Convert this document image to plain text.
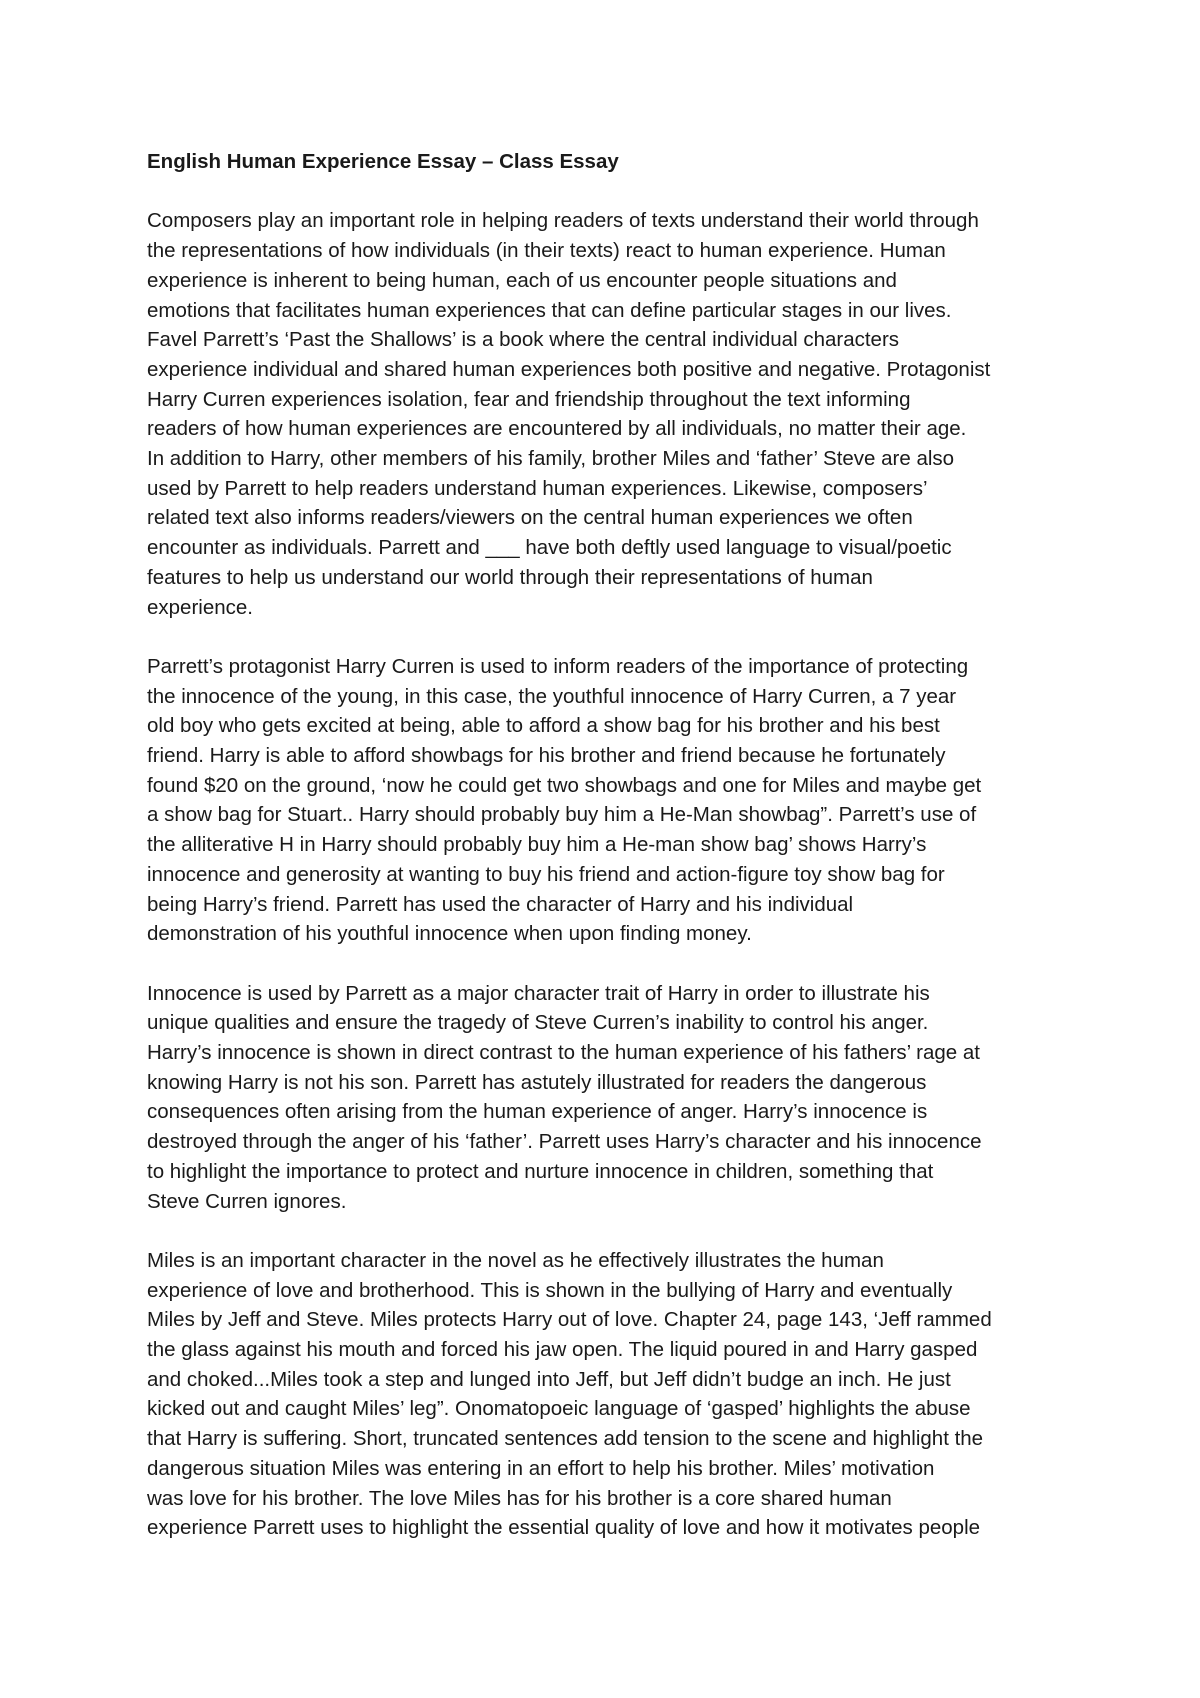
English Human Experience Essay – Class Essay
Composers play an important role in helping readers of texts understand their world through
the representations of how individuals (in their texts) react to human experience. Human
experience is inherent to being human, each of us encounter people situations and
emotions that facilitates human experiences that can define particular stages in our lives.
Favel Parrett’s ‘Past the Shallows’ is a book where the central individual characters
experience individual and shared human experiences both positive and negative. Protagonist
Harry Curren experiences isolation, fear and friendship throughout the text informing
readers of how human experiences are encountered by all individuals, no matter their age.
In addition to Harry, other members of his family, brother Miles and ‘father’ Steve are also
used by Parrett to help readers understand human experiences. Likewise, composers’
related text also informs readers/viewers on the central human experiences we often
encounter as individuals. Parrett and ___ have both deftly used language to visual/poetic
features to help us understand our world through their representations of human
experience.
Parrett’s protagonist Harry Curren is used to inform readers of the importance of protecting
the innocence of the young, in this case, the youthful innocence of Harry Curren, a 7 year
old boy who gets excited at being, able to afford a show bag for his brother and his best
friend. Harry is able to afford showbags for his brother and friend because he fortunately
found $20 on the ground, ‘now he could get two showbags and one for Miles and maybe get
a show bag for Stuart.. Harry should probably buy him a He-Man showbag”. Parrett’s use of
the alliterative H in Harry should probably buy him a He-man show bag’ shows Harry’s
innocence and generosity at wanting to buy his friend and action-figure toy show bag for
being Harry’s friend. Parrett has used the character of Harry and his individual
demonstration of his youthful innocence when upon finding money.
Innocence is used by Parrett as a major character trait of Harry in order to illustrate his
unique qualities and ensure the tragedy of Steve Curren’s inability to control his anger.
Harry’s innocence is shown in direct contrast to the human experience of his fathers’ rage at
knowing Harry is not his son. Parrett has astutely illustrated for readers the dangerous
consequences often arising from the human experience of anger. Harry’s innocence is
destroyed through the anger of his ‘father’. Parrett uses Harry’s character and his innocence
to highlight the importance to protect and nurture innocence in children, something that
Steve Curren ignores.
Miles is an important character in the novel as he effectively illustrates the human
experience of love and brotherhood. This is shown in the bullying of Harry and eventually
Miles by Jeff and Steve. Miles protects Harry out of love. Chapter 24, page 143, ‘Jeff rammed
the glass against his mouth and forced his jaw open. The liquid poured in and Harry gasped
and choked...Miles took a step and lunged into Jeff, but Jeff didn’t budge an inch. He just
kicked out and caught Miles’ leg”. Onomatopoeic language of ‘gasped’ highlights the abuse
that Harry is suffering. Short, truncated sentences add tension to the scene and highlight the
dangerous situation Miles was entering in an effort to help his brother. Miles’ motivation
was love for his brother. The love Miles has for his brother is a core shared human
experience Parrett uses to highlight the essential quality of love and how it motivates people
